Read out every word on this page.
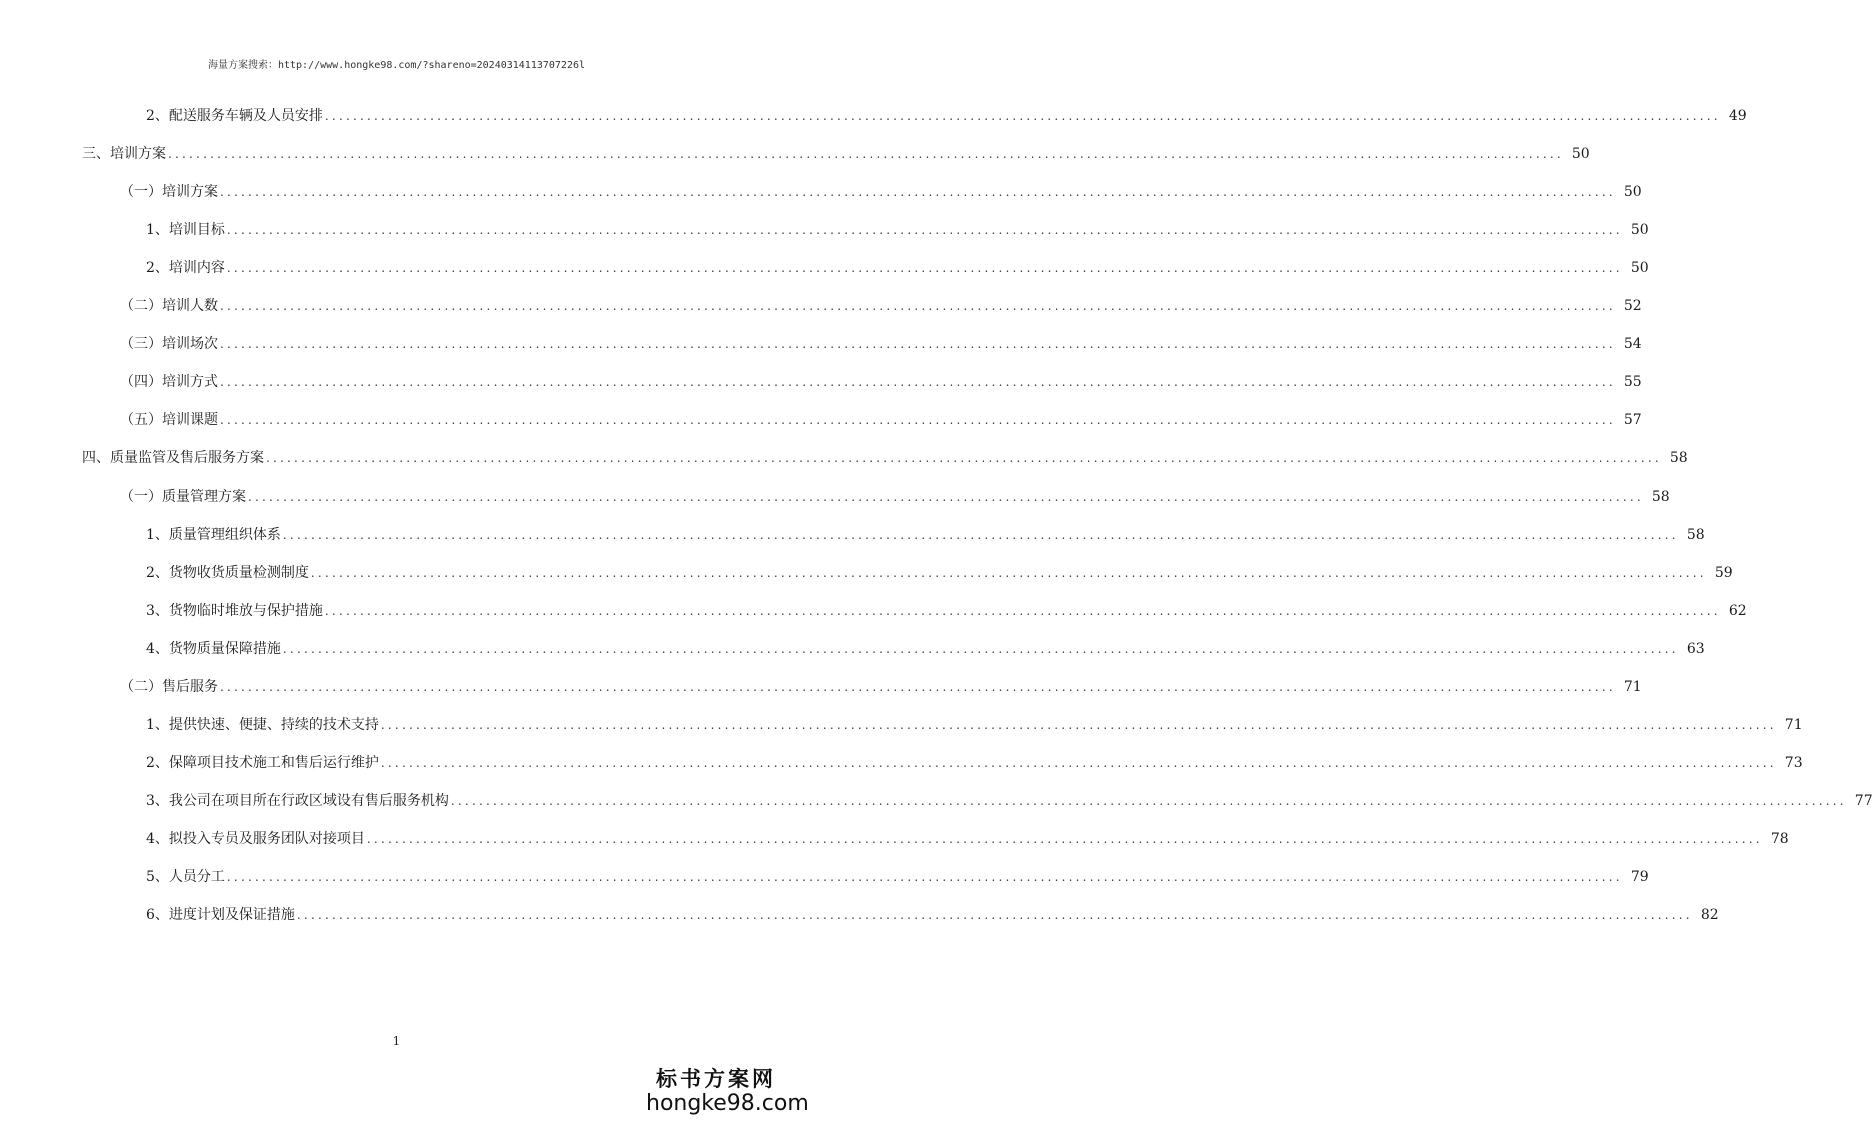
海量方案搜索：http://www.hongke98.com/?shareno=20240314113707226l
2、配送服务车辆及人员安排 ....................................................................................................................................................................................................... 49
三、培训方案 ....................................................................................................................................................................................................... 50
（一）培训方案 ....................................................................................................................................................................................................... 50
1、培训目标 ....................................................................................................................................................................................................... 50
2、培训内容 ....................................................................................................................................................................................................... 50
（二）培训人数 ....................................................................................................................................................................................................... 52
（三）培训场次 ....................................................................................................................................................................................................... 54
（四）培训方式 ....................................................................................................................................................................................................... 55
（五）培训课题 ....................................................................................................................................................................................................... 57
四、质量监管及售后服务方案 ....................................................................................................................................................................................................... 58
（一）质量管理方案 ....................................................................................................................................................................................................... 58
1、质量管理组织体系 ....................................................................................................................................................................................................... 58
2、货物收货质量检测制度 ....................................................................................................................................................................................................... 59
3、货物临时堆放与保护措施 ....................................................................................................................................................................................................... 62
4、货物质量保障措施 ....................................................................................................................................................................................................... 63
（二）售后服务 ....................................................................................................................................................................................................... 71
1、提供快速、便捷、持续的技术支持 ....................................................................................................................................................................................................... 71
2、保障项目技术施工和售后运行维护 ....................................................................................................................................................................................................... 73
3、我公司在项目所在行政区域设有售后服务机构 ....................................................................................................................................................................................................... 77
4、拟投入专员及服务团队对接项目 ....................................................................................................................................................................................................... 78
5、人员分工 ....................................................................................................................................................................................................... 79
6、进度计划及保证措施 ....................................................................................................................................................................................................... 82
1
标书方案网
hongke98.com
